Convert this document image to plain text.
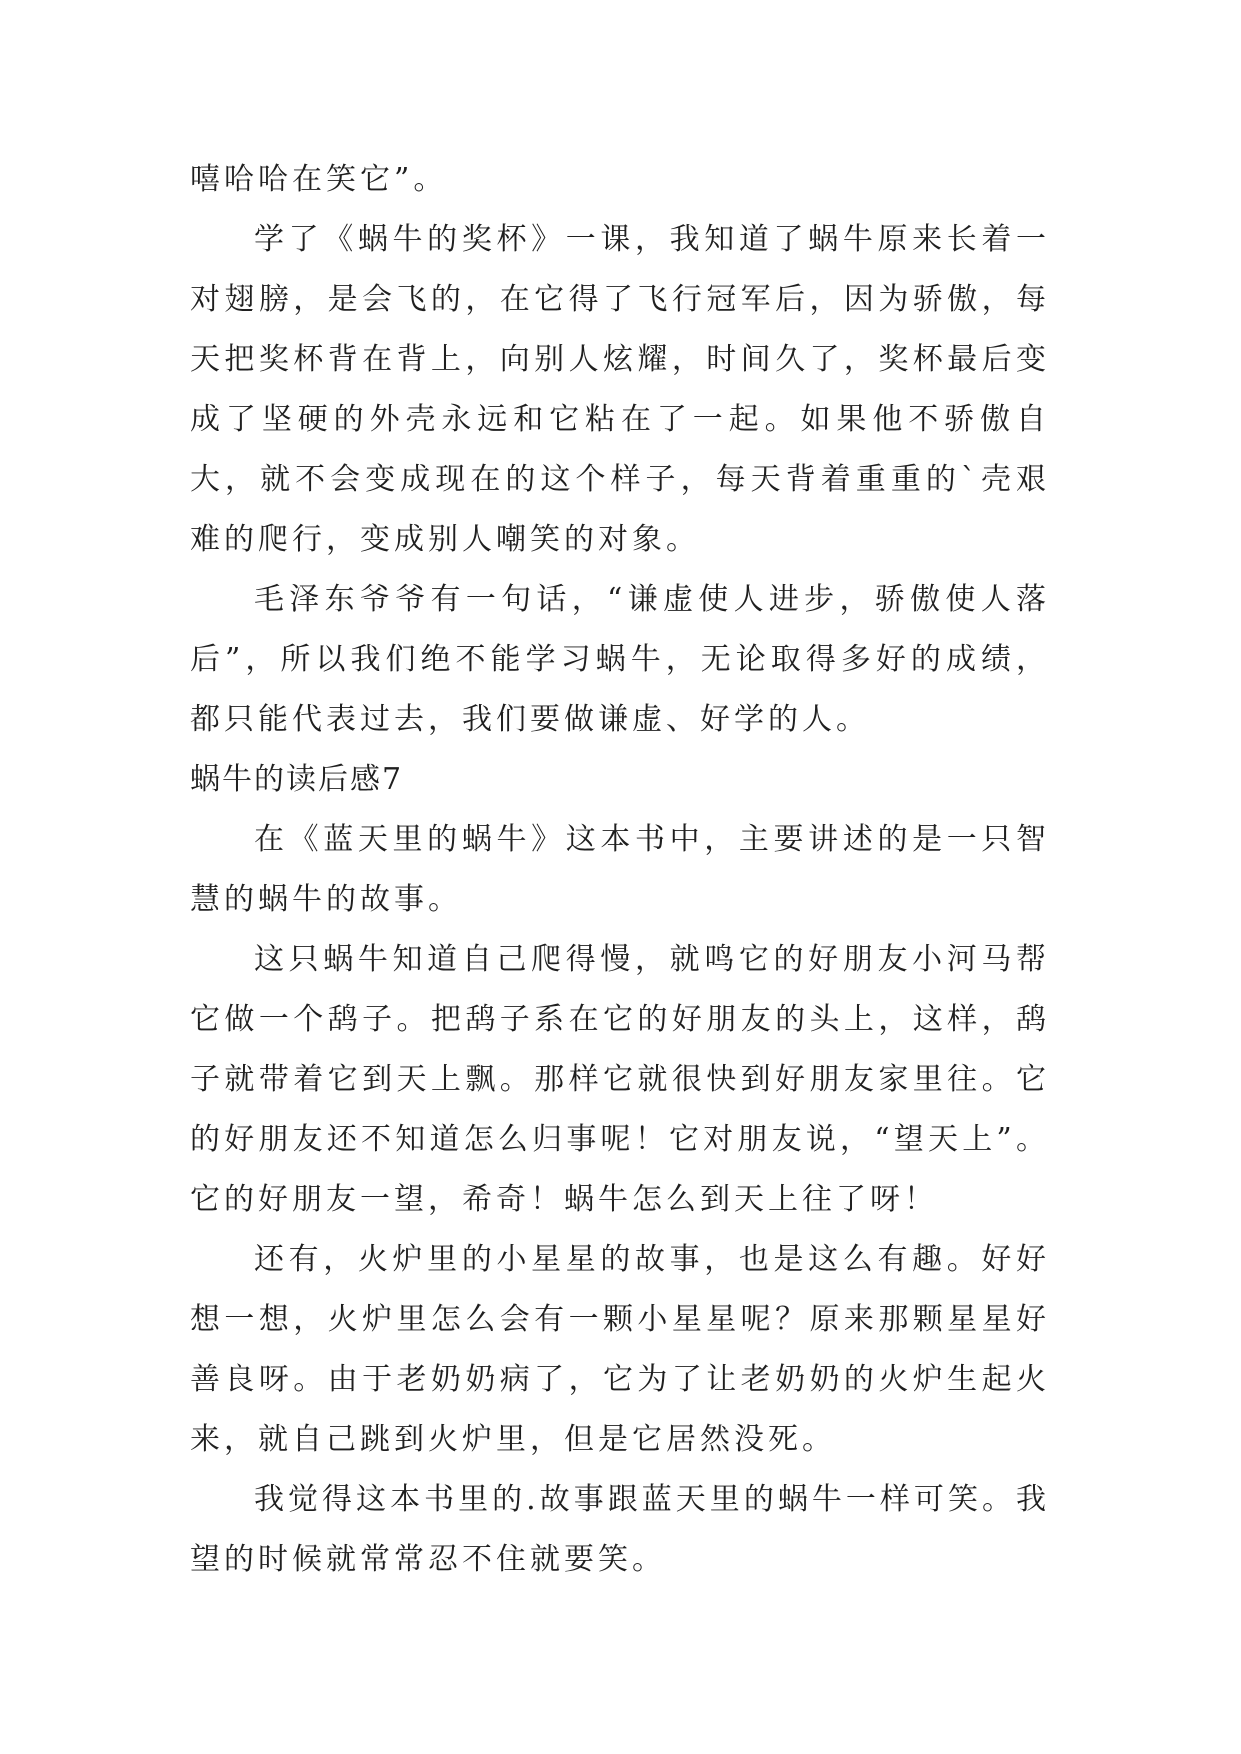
嘻哈哈在笑它”。

学了《蜗牛的奖杯》一课，我知道了蜗牛原来长着一对翅膀，是会飞的，在它得了飞行冠军后，因为骄傲，每天把奖杯背在背上，向别人炫耀，时间久了，奖杯最后变成了坚硬的外壳永远和它粘在了一起。如果他不骄傲自大，就不会变成现在的这个样子，每天背着重重的`壳艰难的爬行，变成别人嘲笑的对象。

毛泽东爷爷有一句话，“谦虚使人进步，骄傲使人落后”，所以我们绝不能学习蜗牛，无论取得多好的成绩，都只能代表过去，我们要做谦虚、好学的人。

蜗牛的读后感7

在《蓝天里的蜗牛》这本书中，主要讲述的是一只智慧的蜗牛的故事。

这只蜗牛知道自己爬得慢，就鸣它的好朋友小河马帮它做一个鸹子。把鸹子系在它的好朋友的头上，这样，鸹子就带着它到天上飘。那样它就很快到好朋友家里往。它的好朋友还不知道怎么归事呢！它对朋友说，“望天上”。它的好朋友一望，希奇！蜗牛怎么到天上往了呀！

还有，火炉里的小星星的故事，也是这么有趣。好好想一想，火炉里怎么会有一颗小星星呢？原来那颗星星好善良呀。由于老奶奶病了，它为了让老奶奶的火炉生起火来，就自己跳到火炉里，但是它居然没死。

我觉得这本书里的.故事跟蓝天里的蜗牛一样可笑。我望的时候就常常忍不住就要笑。
